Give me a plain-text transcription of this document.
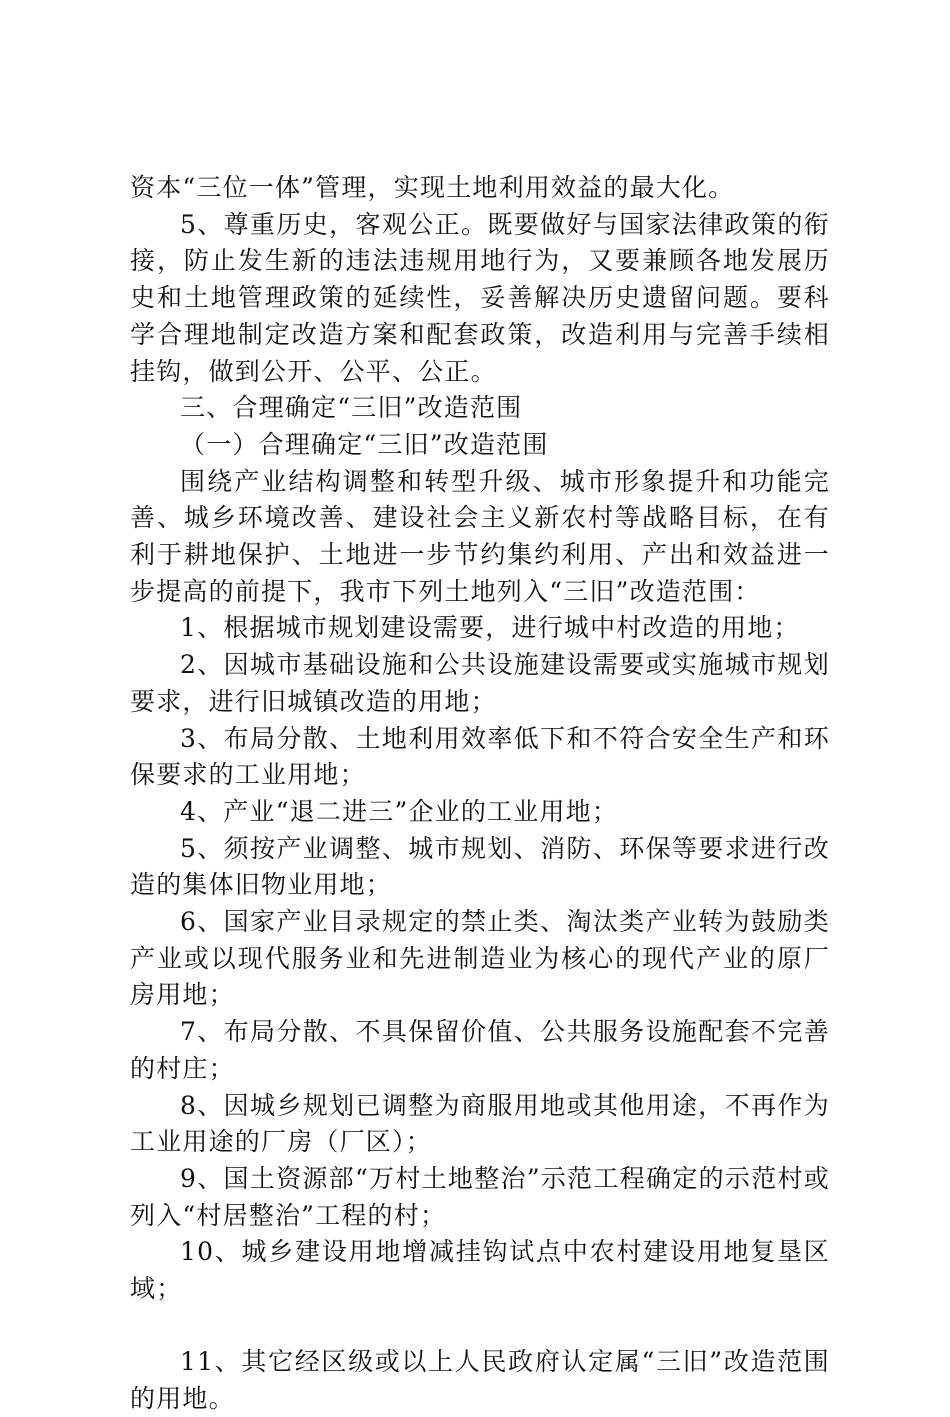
资本“三位一体”管理，实现土地利用效益的最大化。

5、尊重历史，客观公正。既要做好与国家法律政策的衔接，防止发生新的违法违规用地行为，又要兼顾各地发展历史和土地管理政策的延续性，妥善解决历史遗留问题。要科学合理地制定改造方案和配套政策，改造利用与完善手续相挂钩，做到公开、公平、公正。

三、合理确定“三旧”改造范围

（一）合理确定“三旧”改造范围

围绕产业结构调整和转型升级、城市形象提升和功能完善、城乡环境改善、建设社会主义新农村等战略目标，在有利于耕地保护、土地进一步节约集约利用、产出和效益进一步提高的前提下，我市下列土地列入“三旧”改造范围：

1、根据城市规划建设需要，进行城中村改造的用地；

2、因城市基础设施和公共设施建设需要或实施城市规划要求，进行旧城镇改造的用地；

3、布局分散、土地利用效率低下和不符合安全生产和环保要求的工业用地；

4、产业“退二进三”企业的工业用地；

5、须按产业调整、城市规划、消防、环保等要求进行改造的集体旧物业用地；

6、国家产业目录规定的禁止类、淘汰类产业转为鼓励类产业或以现代服务业和先进制造业为核心的现代产业的原厂房用地；

7、布局分散、不具保留价值、公共服务设施配套不完善的村庄；

8、因城乡规划已调整为商服用地或其他用途，不再作为工业用途的厂房（厂区）；

9、国土资源部“万村土地整治”示范工程确定的示范村或列入“村居整治”工程的村；

10、城乡建设用地增减挂钩试点中农村建设用地复垦区域；

11、其它经区级或以上人民政府认定属“三旧”改造范围的用地。
